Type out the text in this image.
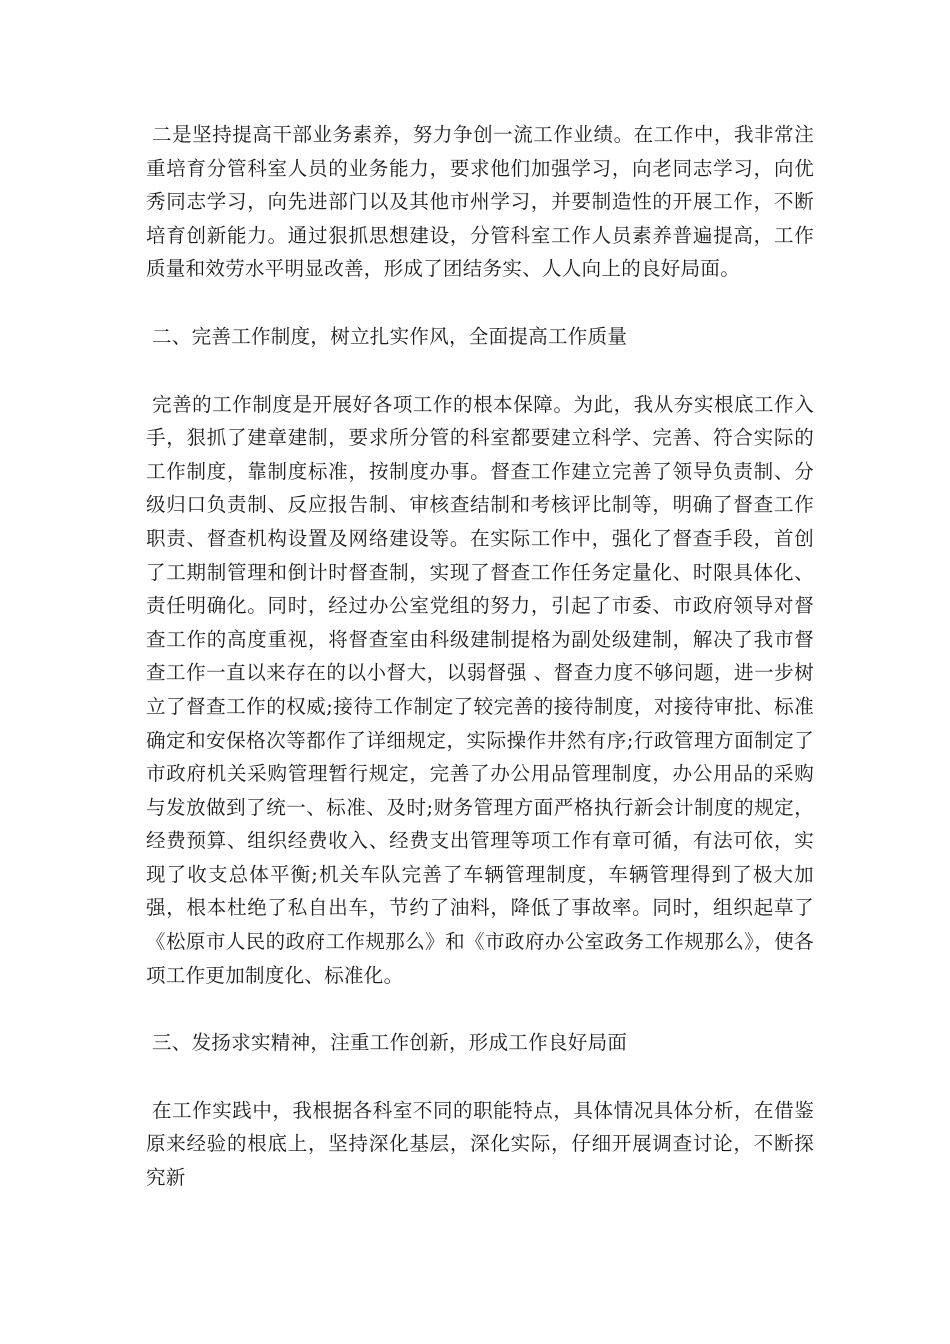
二是坚持提高干部业务素养，努力争创一流工作业绩。在工作中，我非常注重培育分管科室人员的业务能力，要求他们加强学习，向老同志学习，向优秀同志学习，向先进部门以及其他市州学习，并要制造性的开展工作，不断培育创新能力。通过狠抓思想建设，分管科室工作人员素养普遍提高，工作质量和效劳水平明显改善，形成了团结务实、人人向上的良好局面。

二、完善工作制度，树立扎实作风，全面提高工作质量

完善的工作制度是开展好各项工作的根本保障。为此，我从夯实根底工作入手，狠抓了建章建制，要求所分管的科室都要建立科学、完善、符合实际的工作制度，靠制度标准，按制度办事。督查工作建立完善了领导负责制、分级归口负责制、反应报告制、审核查结制和考核评比制等，明确了督查工作职责、督查机构设置及网络建设等。在实际工作中，强化了督查手段，首创了工期制管理和倒计时督查制，实现了督查工作任务定量化、时限具体化、责任明确化。同时，经过办公室党组的努力，引起了市委、市政府领导对督查工作的高度重视，将督查室由科级建制提格为副处级建制，解决了我市督查工作一直以来存在的以小督大，以弱督强 、督查力度不够问题，进一步树立了督查工作的权威;接待工作制定了较完善的接待制度，对接待审批、标准确定和安保格次等都作了详细规定，实际操作井然有序;行政管理方面制定了市政府机关采购管理暂行规定，完善了办公用品管理制度，办公用品的采购与发放做到了统一、标准、及时;财务管理方面严格执行新会计制度的规定，经费预算、组织经费收入、经费支出管理等项工作有章可循，有法可依，实现了收支总体平衡;机关车队完善了车辆管理制度，车辆管理得到了极大加强，根本杜绝了私自出车，节约了油料，降低了事故率。同时，组织起草了《松原市人民的政府工作规那么》和《市政府办公室政务工作规那么》，使各项工作更加制度化、标准化。

三、发扬求实精神，注重工作创新，形成工作良好局面

在工作实践中，我根据各科室不同的职能特点，具体情况具体分析，在借鉴原来经验的根底上，坚持深化基层，深化实际，仔细开展调查讨论，不断探究新
